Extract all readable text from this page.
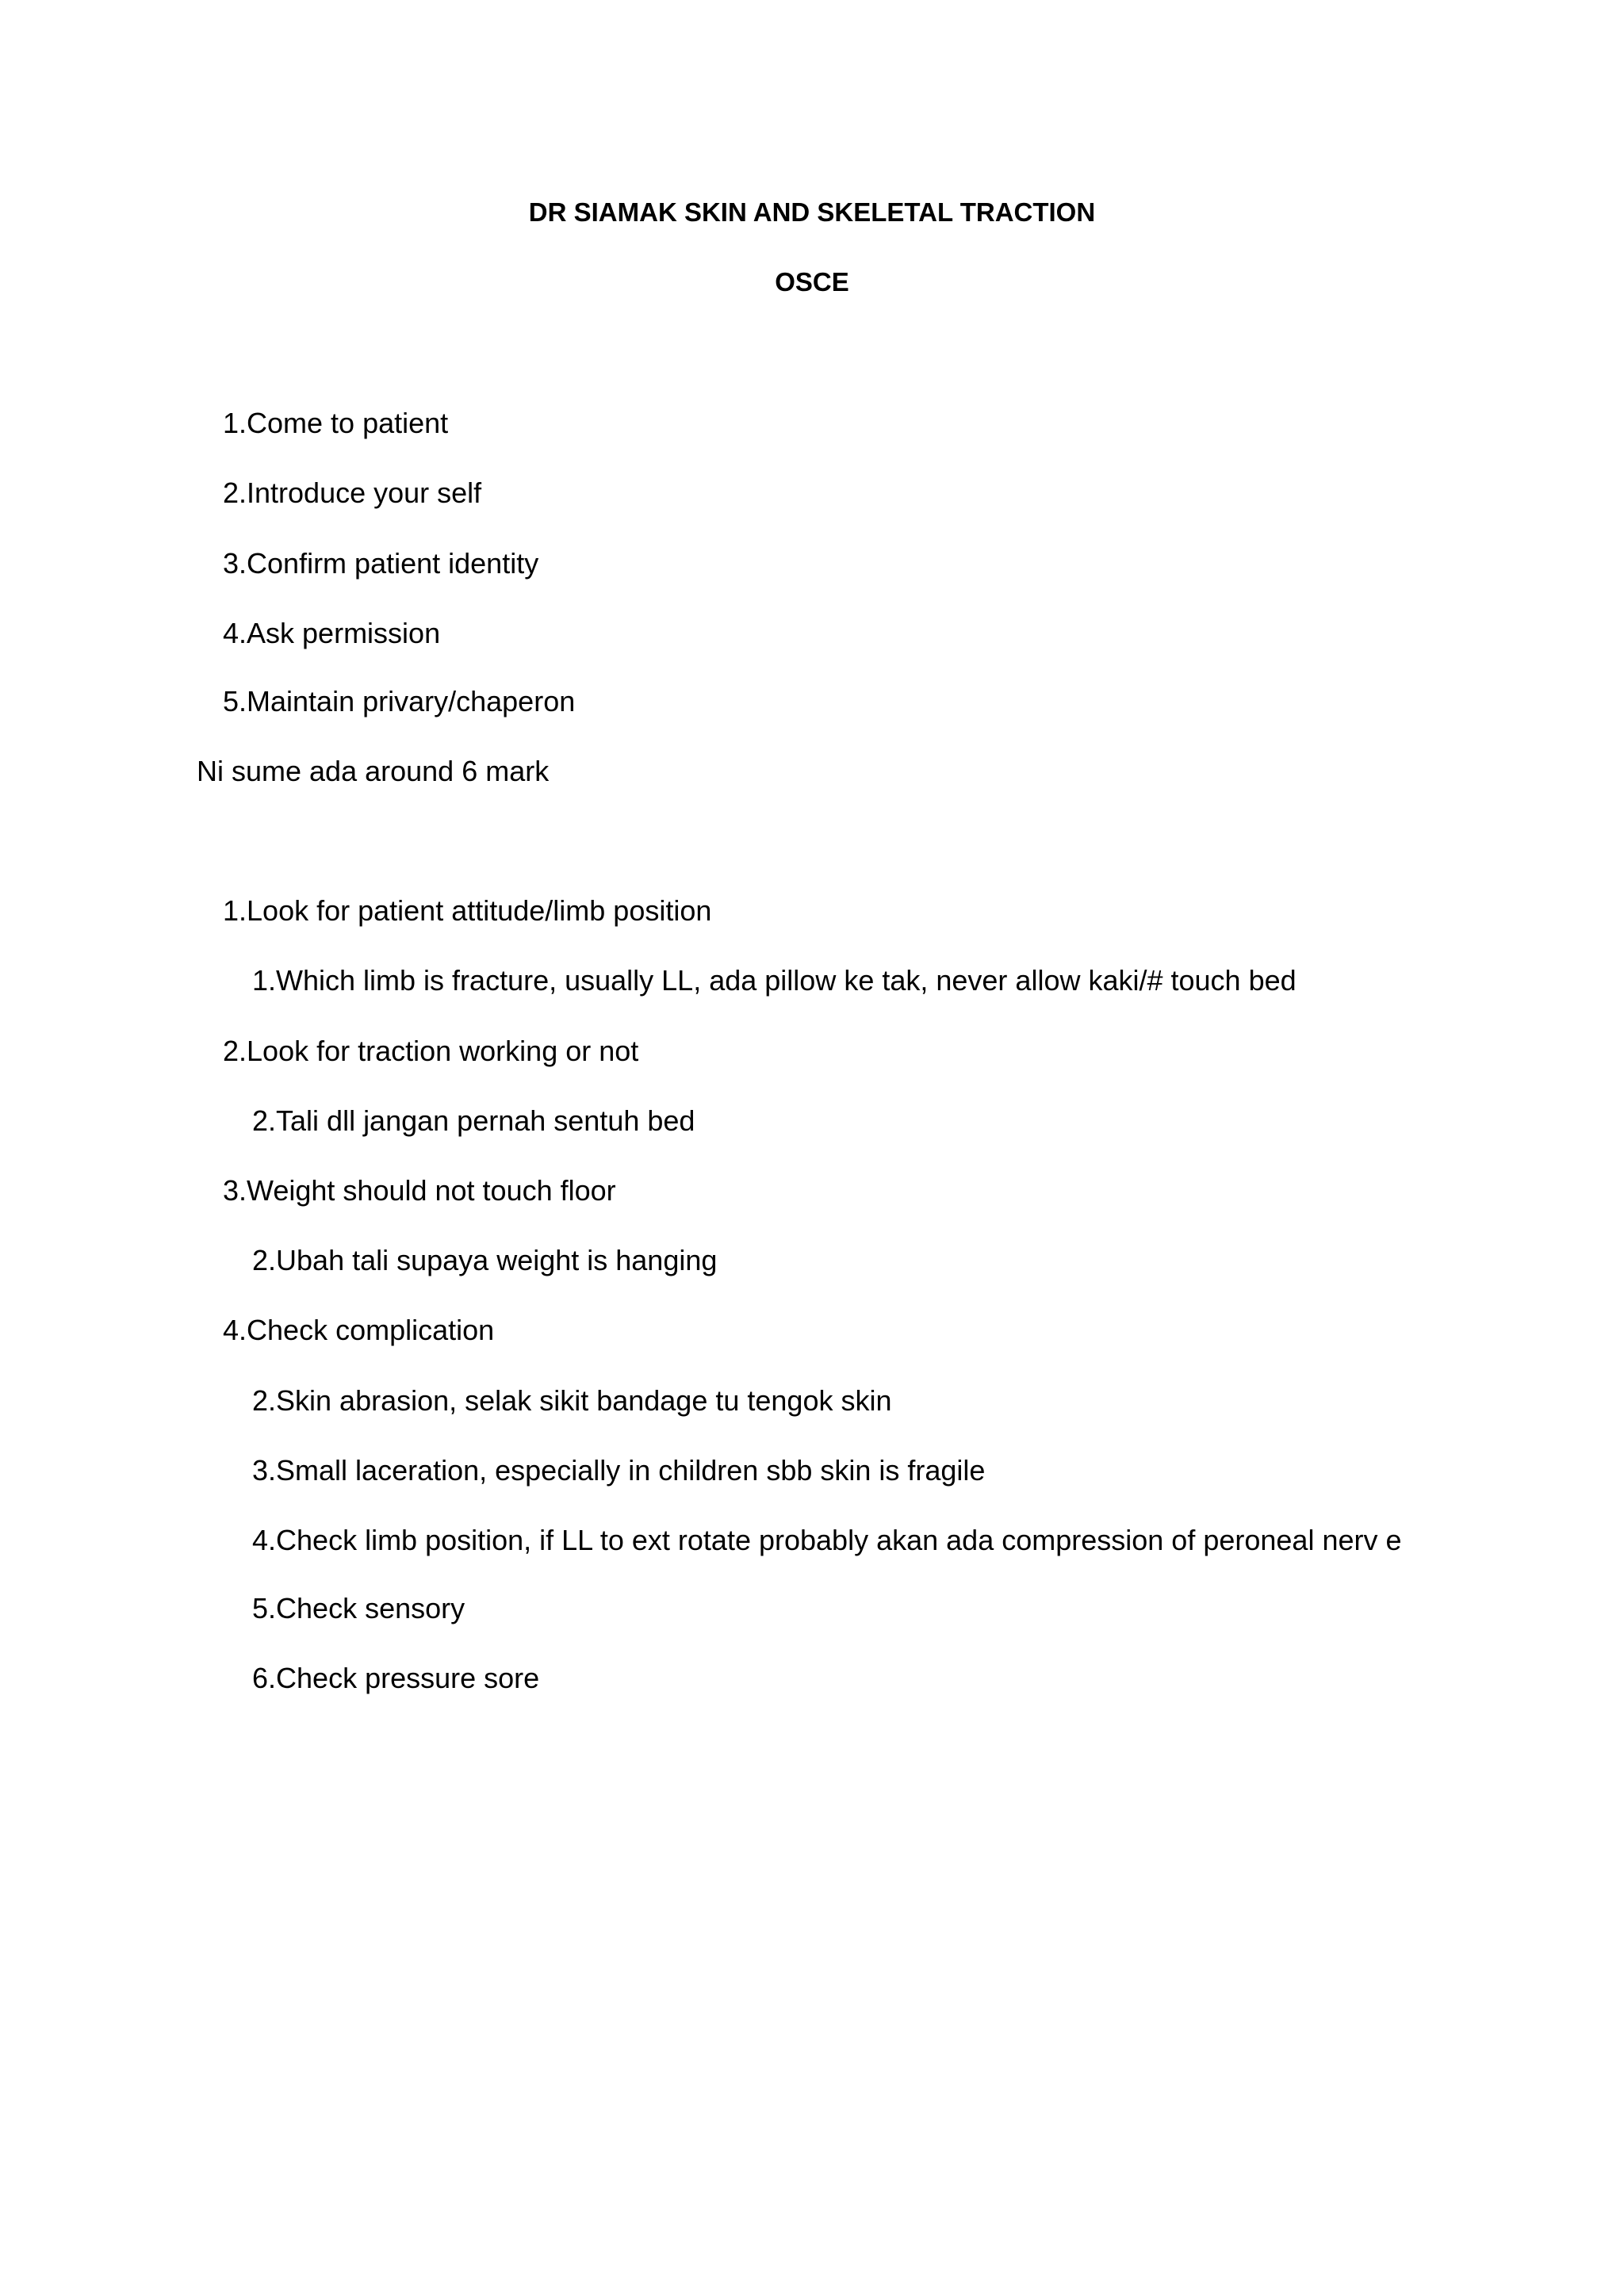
DR SIAMAK SKIN AND SKELETAL TRACTION
OSCE
1.Come to patient
2.Introduce your self
3.Confirm patient identity
4.Ask permission
5.Maintain privary/chaperon
Ni sume ada around 6 mark
1.Look for patient attitude/limb position
1.Which limb is fracture, usually LL, ada pillow ke tak, never allow kaki/# touch bed
2.Look for traction working or not
2.Tali dll jangan pernah sentuh bed
3.Weight should not touch floor
2.Ubah tali supaya weight is hanging
4.Check complication
2.Skin abrasion, selak sikit bandage tu tengok skin
3.Small laceration, especially in children sbb skin is fragile
4.Check limb position, if LL to ext rotate probably akan ada compression of peroneal nerv e
5.Check sensory
6.Check pressure sore
